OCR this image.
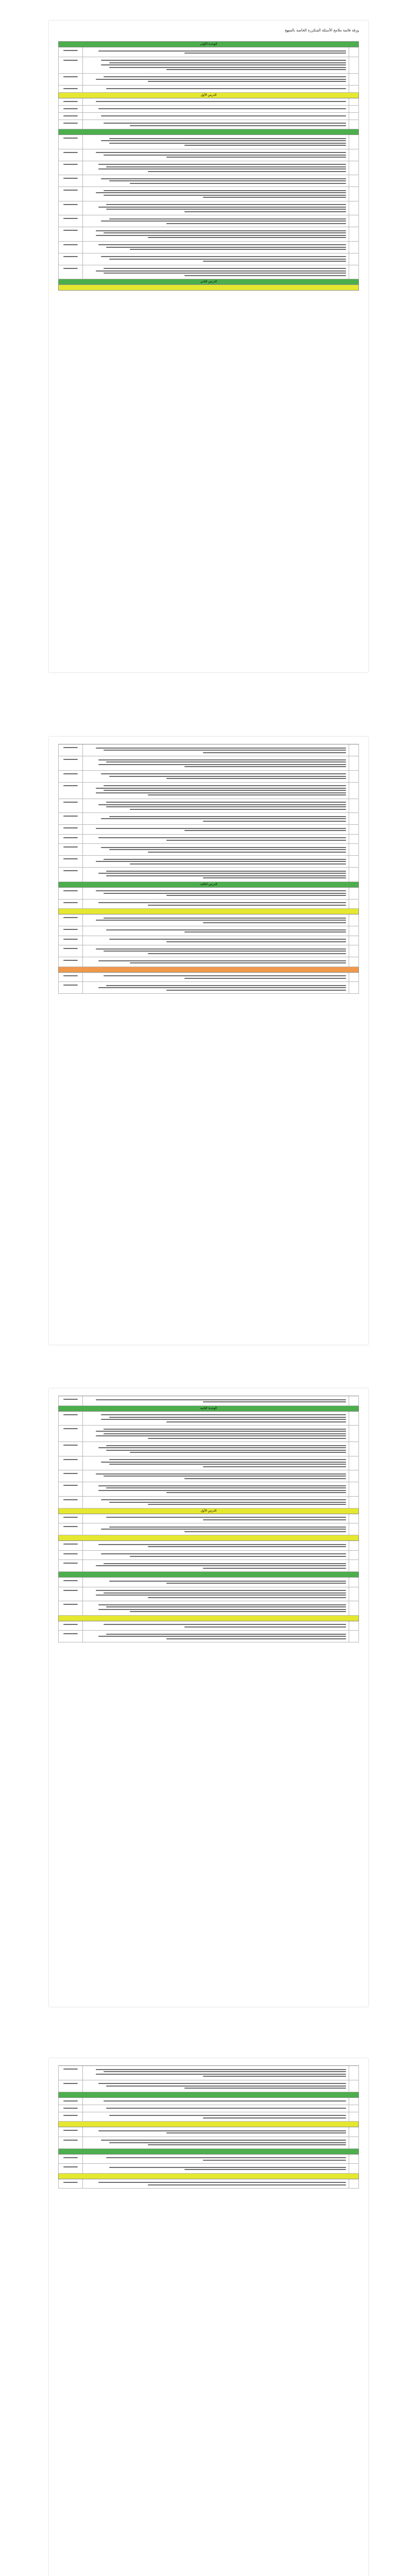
ورقة قائمة ملامح الأسئلة المتكررة الخاصة بالمنهج
الوحدة الأولى
الدرس الأول
الدرس الثاني
الدرس الثالث
الوحدة الثانية
الدرس الأول
